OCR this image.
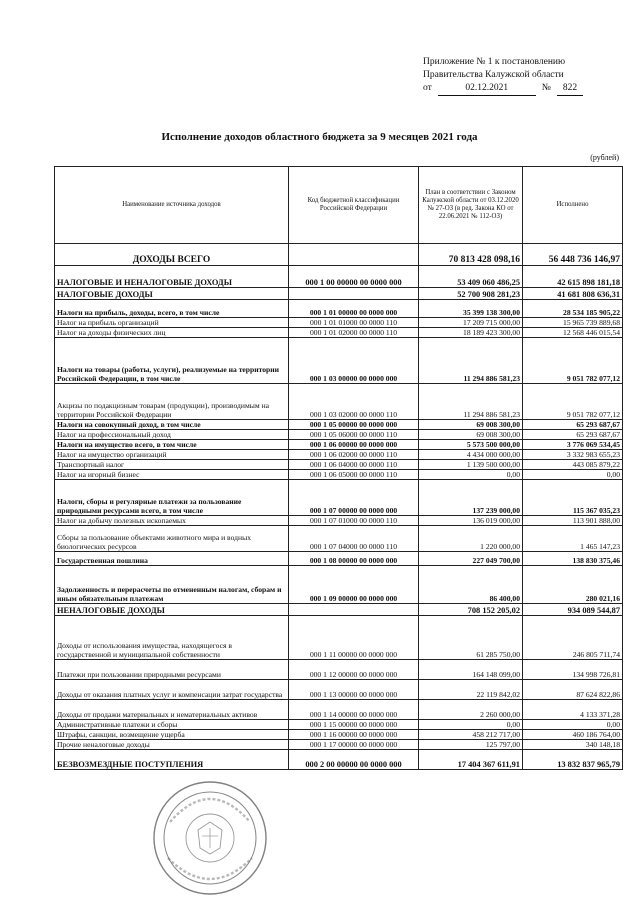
Приложение № 1 к постановлению
Правительства Калужской области
от	02.12.2021	№	822
Исполнение доходов областного бюджета за 9 месяцев 2021 года
(рублей)
Наименование источника доходов	Код бюджетной классификации Российской Федерации	План в соответствии с Законом Калужской области от 03.12.2020 № 27-ОЗ (в ред. Закона КО от 22.06.2021 № 112-ОЗ)	Исполнено
ДОХОДЫ ВСЕГО		70 813 428 098,16	56 448 736 146,97
НАЛОГОВЫЕ И НЕНАЛОГОВЫЕ ДОХОДЫ	000 1 00 00000 00 0000 000	53 409 060 486,25	42 615 898 181,18
НАЛОГОВЫЕ ДОХОДЫ		52 700 908 281,23	41 681 808 636,31
Налоги на прибыль, доходы, всего, в том числе	000 1 01 00000 00 0000 000	35 399 138 300,00	28 534 185 905,22
Налог на прибыль организаций	000 1 01 01000 00 0000 110	17 209 715 000,00	15 965 739 889,68
Налог на доходы физических лиц	000 1 01 02000 00 0000 110	18 189 423 300,00	12 568 446 015,54
Налоги на товары (работы, услуги), реализуемые на территории Российской Федерации, в том числе	000 1 03 00000 00 0000 000	11 294 886 581,23	9 051 782 077,12
Акцизы по подакцизным товарам (продукции), производимым на территории Российской Федерации	000 1 03 02000 00 0000 110	11 294 886 581,23	9 051 782 077,12
Налоги на совокупный доход, в том числе	000 1 05 00000 00 0000 000	69 008 300,00	65 293 687,67
Налог на профессиональный доход	000 1 05 06000 00 0000 110	69 008 300,00	65 293 687,67
Налоги на имущество всего, в том числе	000 1 06 00000 00 0000 000	5 573 500 000,00	3 776 069 534,45
Налог на имущество организаций	000 1 06 02000 00 0000 110	4 434 000 000,00	3 332 983 655,23
Транспортный налог	000 1 06 04000 00 0000 110	1 139 500 000,00	443 085 879,22
Налог на игорный бизнес	000 1 06 05000 00 0000 110	0,00	0,00
Налоги, сборы и регулярные платежи за пользование природными ресурсами всего, в том числе	000 1 07 00000 00 0000 000	137 239 000,00	115 367 035,23
Налог на добычу полезных ископаемых	000 1 07 01000 00 0000 110	136 019 000,00	113 901 888,00
Сборы за пользование объектами животного мира и водных биологических ресурсов	000 1 07 04000 00 0000 110	1 220 000,00	1 465 147,23
Государственная пошлина	000 1 08 00000 00 0000 000	227 049 700,00	138 830 375,46
Задолженность и перерасчеты по отмененным налогам, сборам и иным обязательным платежам	000 1 09 00000 00 0000 000	86 400,00	280 021,16
НЕНАЛОГОВЫЕ ДОХОДЫ		708 152 205,02	934 089 544,87
Доходы от использования имущества, находящегося в государственной и муниципальной собственности	000 1 11 00000 00 0000 000	61 285 750,00	246 805 711,74
Платежи при пользовании природными ресурсами	000 1 12 00000 00 0000 000	164 148 099,00	134 998 726,81
Доходы от оказания платных услуг и компенсации затрат государства	000 1 13 00000 00 0000 000	22 119 842,02	87 624 822,86
Доходы от продажи материальных и нематериальных активов	000 1 14 00000 00 0000 000	2 260 000,00	4 133 371,28
Административные платежи и сборы	000 1 15 00000 00 0000 000	0,00	0,00
Штрафы, санкции, возмещение ущерба	000 1 16 00000 00 0000 000	458 212 717,00	460 186 764,00
Прочие неналоговые доходы	000 1 17 00000 00 0000 000	125 797,00	340 148,18
БЕЗВОЗМЕЗДНЫЕ ПОСТУПЛЕНИЯ	000 2 00 00000 00 0000 000	17 404 367 611,91	13 832 837 965,79
